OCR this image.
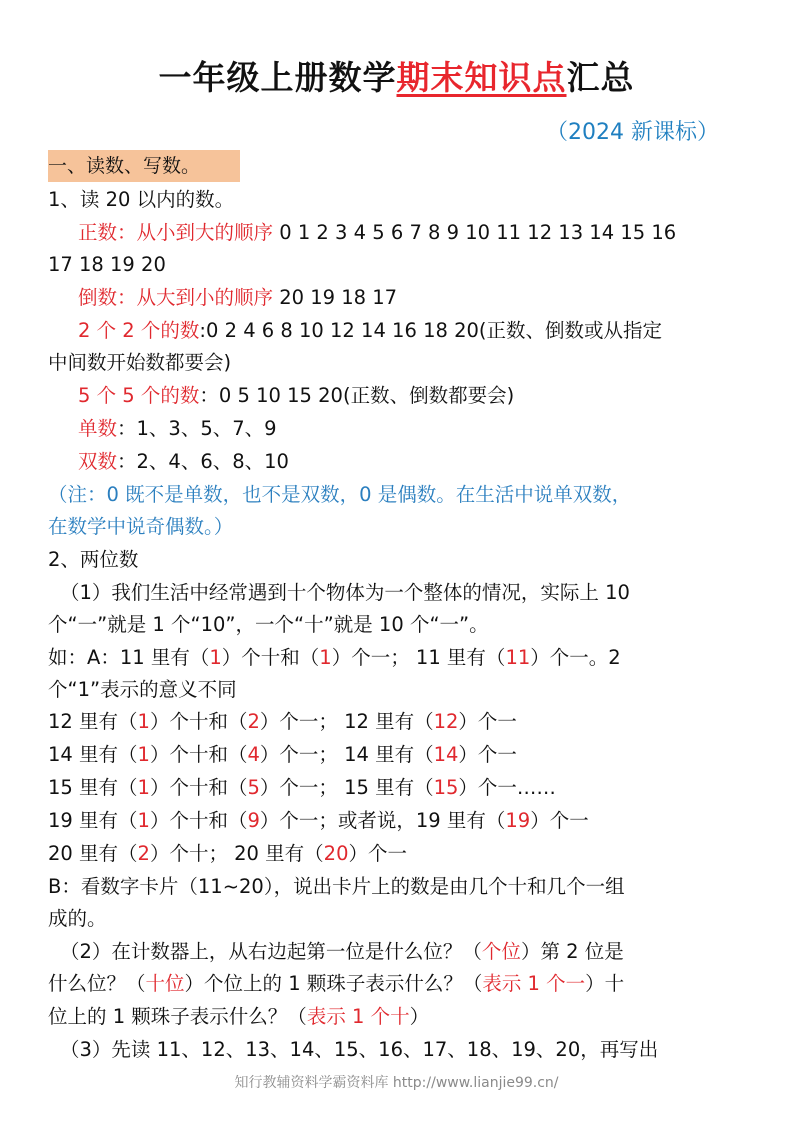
一年级上册数学期末知识点汇总
（2024 新课标）
一、读数、写数。
1、读 20 以内的数。
正数：从小到大的顺序 0 1 2 3 4 5 6 7 8 9 10 11 12 13 14 15 16
17 18 19 20
倒数：从大到小的顺序 20 19 18 17
2 个 2 个的数:0 2 4 6 8 10 12 14 16 18 20(正数、倒数或从指定
中间数开始数都要会)
5 个 5 个的数：0 5 10 15 20(正数、倒数都要会)
单数：1、3、5、7、9
双数：2、4、6、8、10
（注：0 既不是单数，也不是双数，0 是偶数。在生活中说单双数，
在数学中说奇偶数。）
2、两位数
（1）我们生活中经常遇到十个物体为一个整体的情况，实际上 10
个“一”就是 1 个“10”，一个“十”就是 10 个“一”。
如：A：11 里有（1）个十和（1）个一； 11 里有（11）个一。2
个“1”表示的意义不同
12 里有（1）个十和（2）个一； 12 里有（12）个一
14 里有（1）个十和（4）个一； 14 里有（14）个一
15 里有（1）个十和（5）个一； 15 里有（15）个一……
19 里有（1）个十和（9）个一；或者说，19 里有（19）个一
20 里有（2）个十； 20 里有（20）个一
B：看数字卡片（11~20），说出卡片上的数是由几个十和几个一组
成的。
（2）在计数器上，从右边起第一位是什么位？（个位）第 2 位是
什么位？（十位）个位上的 1 颗珠子表示什么？（表示 1 个一）十
位上的 1 颗珠子表示什么？（表示 1 个十）
（3）先读 11、12、13、14、15、16、17、18、19、20，再写出
知行教辅资料学霸资料库 http://www.lianjie99.cn/
